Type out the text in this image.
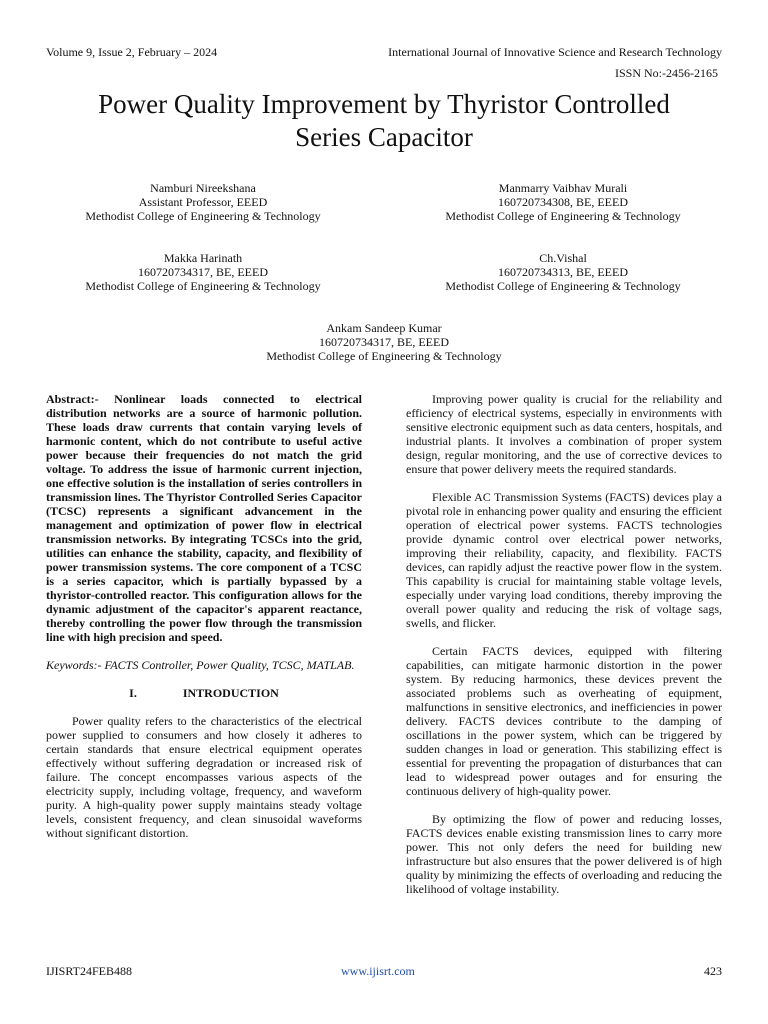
Volume 9, Issue 2, February – 2024	International Journal of Innovative Science and Research Technology
ISSN No:-2456-2165
Power Quality Improvement by Thyristor Controlled
Series Capacitor
Namburi Nireekshana
Assistant Professor, EEED
Methodist College of Engineering & Technology
Manmarry Vaibhav Murali
160720734308, BE, EEED
Methodist College of Engineering & Technology
Makka Harinath
160720734317, BE, EEED
Methodist College of Engineering & Technology
Ch.Vishal
160720734313, BE, EEED
Methodist College of Engineering & Technology
Ankam Sandeep Kumar
160720734317, BE, EEED
Methodist College of Engineering & Technology

Abstract:- Nonlinear loads connected to electrical distribution networks are a source of harmonic pollution. These loads draw currents that contain varying levels of harmonic content, which do not contribute to useful active power because their frequencies do not match the grid voltage. To address the issue of harmonic current injection, one effective solution is the installation of series controllers in transmission lines. The Thyristor Controlled Series Capacitor (TCSC) represents a significant advancement in the management and optimization of power flow in electrical transmission networks. By integrating TCSCs into the grid, utilities can enhance the stability, capacity, and flexibility of power transmission systems. The core component of a TCSC is a series capacitor, which is partially bypassed by a thyristor-controlled reactor. This configuration allows for the dynamic adjustment of the capacitor's apparent reactance, thereby controlling the power flow through the transmission line with high precision and speed.

Keywords:- FACTS Controller, Power Quality, TCSC, MATLAB.

I.	INTRODUCTION

Power quality refers to the characteristics of the electrical power supplied to consumers and how closely it adheres to certain standards that ensure electrical equipment operates effectively without suffering degradation or increased risk of failure. The concept encompasses various aspects of the electricity supply, including voltage, frequency, and waveform purity. A high-quality power supply maintains steady voltage levels, consistent frequency, and clean sinusoidal waveforms without significant distortion.

Improving power quality is crucial for the reliability and efficiency of electrical systems, especially in environments with sensitive electronic equipment such as data centers, hospitals, and industrial plants. It involves a combination of proper system design, regular monitoring, and the use of corrective devices to ensure that power delivery meets the required standards.

Flexible AC Transmission Systems (FACTS) devices play a pivotal role in enhancing power quality and ensuring the efficient operation of electrical power systems. FACTS technologies provide dynamic control over electrical power networks, improving their reliability, capacity, and flexibility. FACTS devices, can rapidly adjust the reactive power flow in the system. This capability is crucial for maintaining stable voltage levels, especially under varying load conditions, thereby improving the overall power quality and reducing the risk of voltage sags, swells, and flicker.

Certain FACTS devices, equipped with filtering capabilities, can mitigate harmonic distortion in the power system. By reducing harmonics, these devices prevent the associated problems such as overheating of equipment, malfunctions in sensitive electronics, and inefficiencies in power delivery. FACTS devices contribute to the damping of oscillations in the power system, which can be triggered by sudden changes in load or generation. This stabilizing effect is essential for preventing the propagation of disturbances that can lead to widespread power outages and for ensuring the continuous delivery of high-quality power.

By optimizing the flow of power and reducing losses, FACTS devices enable existing transmission lines to carry more power. This not only defers the need for building new infrastructure but also ensures that the power delivered is of high quality by minimizing the effects of overloading and reducing the likelihood of voltage instability.

IJISRT24FEB488	www.ijisrt.com	423
